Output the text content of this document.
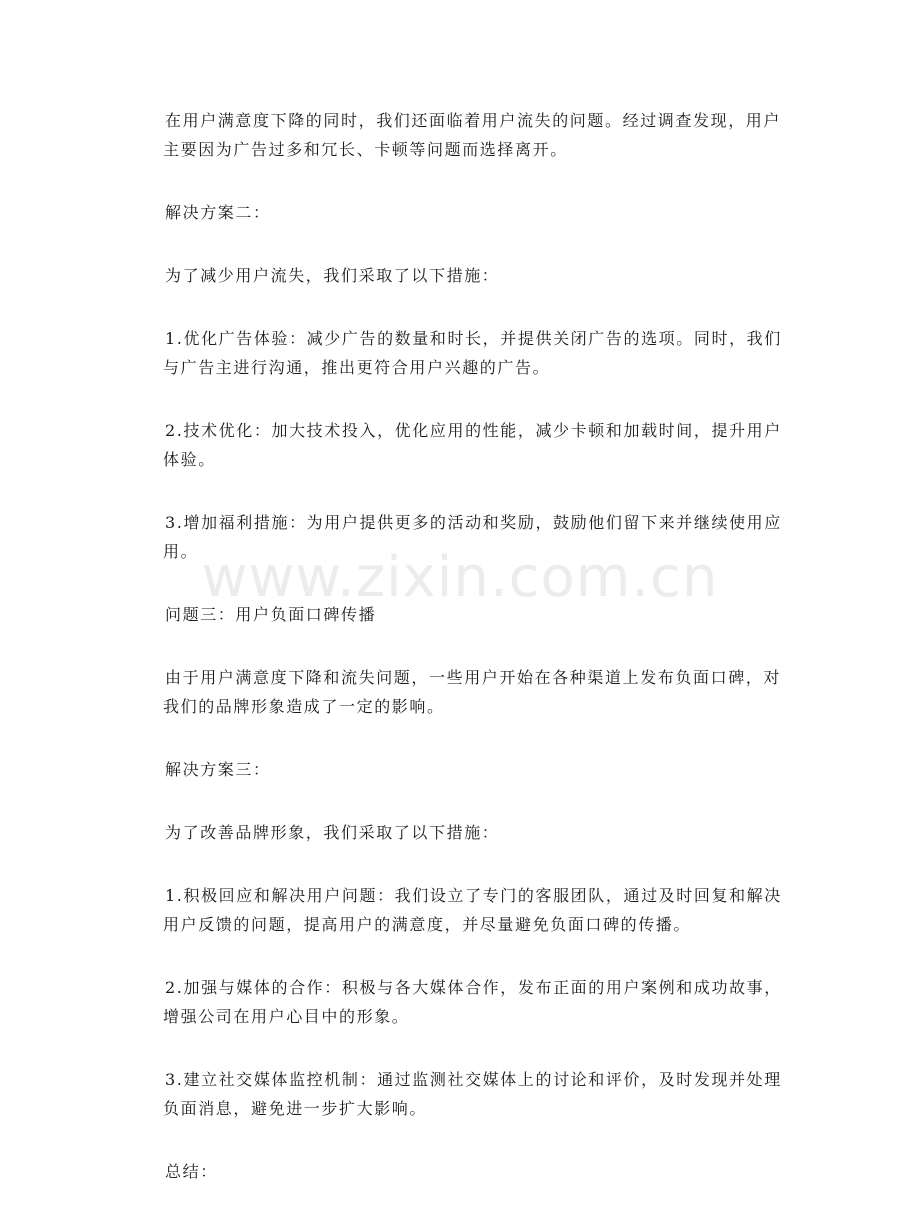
在用户满意度下降的同时，我们还面临着用户流失的问题。经过调查发现，用户主要因为广告过多和冗长、卡顿等问题而选择离开。

解决方案二：

为了减少用户流失，我们采取了以下措施：

1.优化广告体验：减少广告的数量和时长，并提供关闭广告的选项。同时，我们与广告主进行沟通，推出更符合用户兴趣的广告。

2.技术优化：加大技术投入，优化应用的性能，减少卡顿和加载时间，提升用户体验。

3.增加福利措施：为用户提供更多的活动和奖励，鼓励他们留下来并继续使用应用。

问题三：用户负面口碑传播

由于用户满意度下降和流失问题，一些用户开始在各种渠道上发布负面口碑，对我们的品牌形象造成了一定的影响。

解决方案三：

为了改善品牌形象，我们采取了以下措施：

1.积极回应和解决用户问题：我们设立了专门的客服团队，通过及时回复和解决用户反馈的问题，提高用户的满意度，并尽量避免负面口碑的传播。

2.加强与媒体的合作：积极与各大媒体合作，发布正面的用户案例和成功故事，增强公司在用户心目中的形象。

3.建立社交媒体监控机制：通过监测社交媒体上的讨论和评价，及时发现并处理负面消息，避免进一步扩大影响。

总结：

www.zixin.com.cn
